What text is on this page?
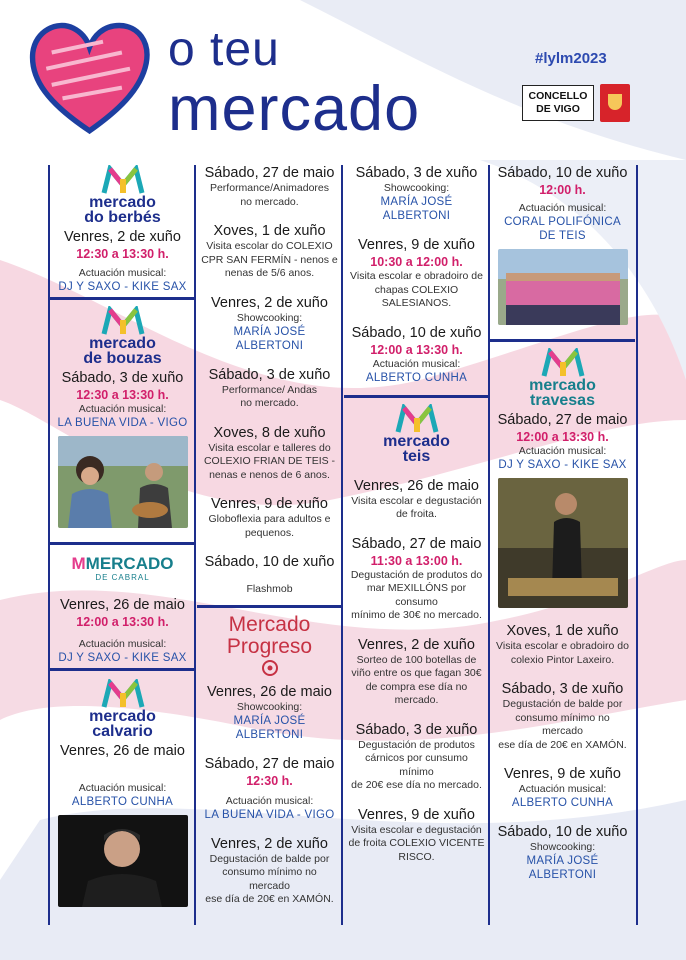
o teu
mercado
#lylm2023
CONCELLO
DE VIGO
mercado
do berbés
Venres, 2 de xuño
12:30 a 13:30 h.
Actuación musical:
DJ Y SAXO - KIKE SAX
mercado
de bouzas
Sábado, 3 de xuño
12:30 a 13:30 h.
Actuación musical:
LA BUENA VIDA - VIGO
MMERCADO
DE CABRAL
Venres, 26 de maio
12:00 a 13:30 h.
Actuación musical:
DJ Y SAXO - KIKE SAX
mercado
calvario
Venres, 26 de maio
Actuación musical:
ALBERTO CUNHA
Sábado, 27 de maio
Performance/Animadores
no mercado.
Xoves, 1 de xuño
Visita escolar do COLEXIO
CPR SAN FERMÍN - nenos e
nenas de 5/6 anos.
Venres, 2 de xuño
Showcooking:
MARÍA JOSÉ ALBERTONI
Sábado, 3 de xuño
Performance/ Andas
no mercado.
Xoves, 8 de xuño
Visita escolar e talleres do
COLEXIO FRIAN DE TEIS -
nenas e nenos de 6 anos.
Venres, 9 de xuño
Globoflexia para adultos e
pequenos.
Sábado, 10 de xuño
Flashmob
Mercado
Progreso
Venres, 26 de maio
Showcooking:
MARÍA JOSÉ ALBERTONI
Sábado, 27 de maio
12:30 h.
Actuación musical:
LA BUENA VIDA - VIGO
Venres, 2 de xuño
Degustación de balde por
consumo mínimo no mercado
ese día de 20€ en XAMÓN.
Sábado, 3 de xuño
Showcooking:
MARÍA JOSÉ ALBERTONI
Venres, 9 de xuño
10:30 a 12:00 h.
Visita escolar e obradoiro de
chapas COLEXIO
SALESIANOS.
Sábado, 10 de xuño
12:00 a 13:30 h.
Actuación musical:
ALBERTO CUNHA
mercado
teis
Venres, 26 de maio
Visita escolar e degustación
de froita.
Sábado, 27 de maio
11:30 a 13:00 h.
Degustación de produtos do
mar MEXILLÓNS por consumo
mínimo de 30€ no mercado.
Venres, 2 de xuño
Sorteo de 100 botellas de
viño entre os que fagan 30€
de compra ese día no
mercado.
Sábado, 3 de xuño
Degustación de produtos
cárnicos por cunsumo mínimo
de 20€ ese día no mercado.
Venres, 9 de xuño
Visita escolar e degustación
de froita COLEXIO VICENTE
RISCO.
Sábado, 10 de xuño
12:00 h.
Actuación musical:
CORAL POLIFÓNICA
DE TEIS
mercado
travesas
Sábado, 27 de maio
12:00 a 13:30 h.
Actuación musical:
DJ Y SAXO - KIKE SAX
Xoves, 1 de xuño
Visita escolar e obradoiro do
colexio Pintor Laxeiro.
Sábado, 3 de xuño
Degustación de balde por
consumo mínimo no mercado
ese día de 20€ en XAMÓN.
Venres, 9 de xuño
Actuación musical:
ALBERTO CUNHA
Sábado, 10 de xuño
Showcooking:
MARÍA JOSÉ ALBERTONI
